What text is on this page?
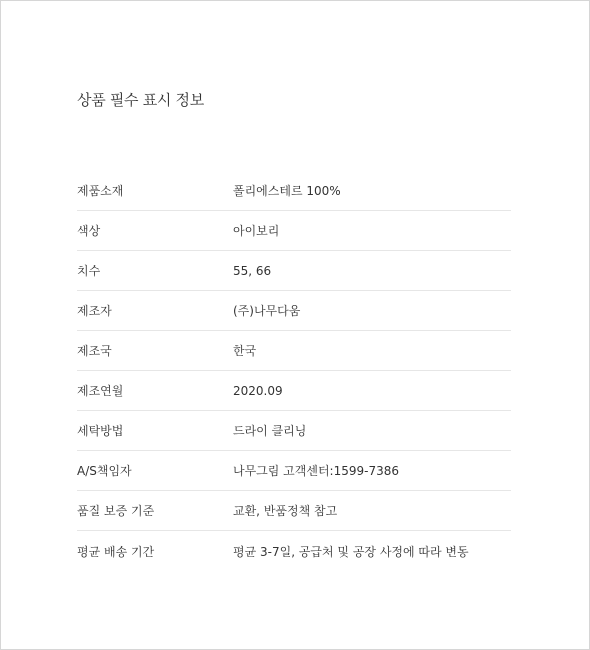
상품 필수 표시 정보
제품소재	폴리에스테르 100%
색상	아이보리
치수	55, 66
제조자	(주)나무다움
제조국	한국
제조연월	2020.09
세탁방법	드라이 클리닝
A/S책임자	나무그림 고객센터:1599-7386
품질 보증 기준	교환, 반품정책 참고
평균 배송 기간	평균 3-7일, 공급처 및 공장 사정에 따라 변동
